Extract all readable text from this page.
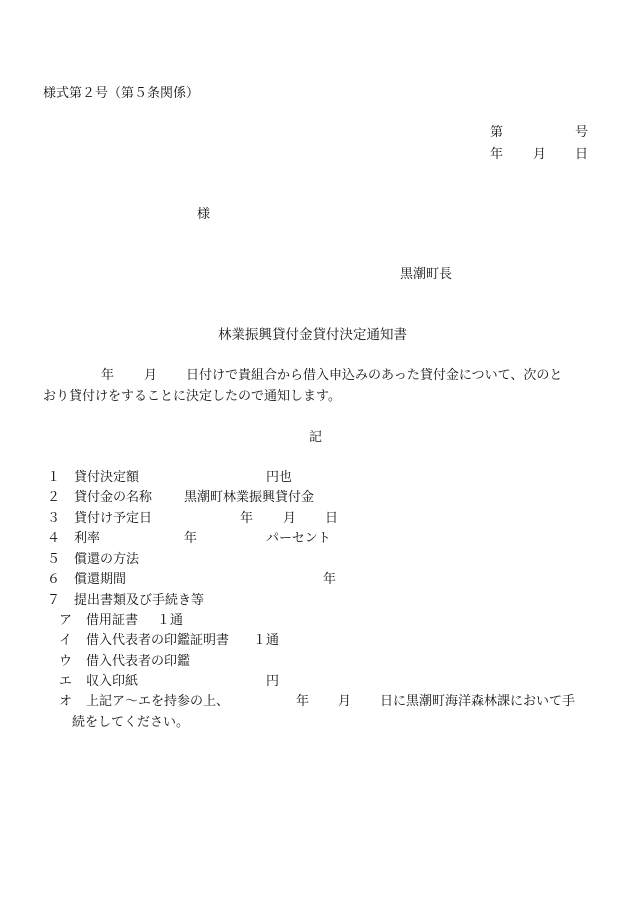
様式第２号（第５条関係）
第	号
年 月 日
様
黒潮町長
林業振興貸付金貸付決定通知書
年 月 日付けで貴組合から借入申込みのあった貸付金について、次のと
おり貸付けをすることに決定したので通知します。
記
１ 貸付決定額	円也
２ 貸付金の名称 黒潮町林業振興貸付金
３ 貸付け予定日	年 月 日
４ 利率	年	パーセント
５ 償還の方法
６ 償還期間	年
７ 提出書類及び手続き等
ア 借用証書 １通
イ 借入代表者の印鑑証明書 １通
ウ 借入代表者の印鑑
エ 収入印紙	円
オ 上記ア～エを持参の上、	年 月 日に黒潮町海洋森林課において手
続をしてください。
